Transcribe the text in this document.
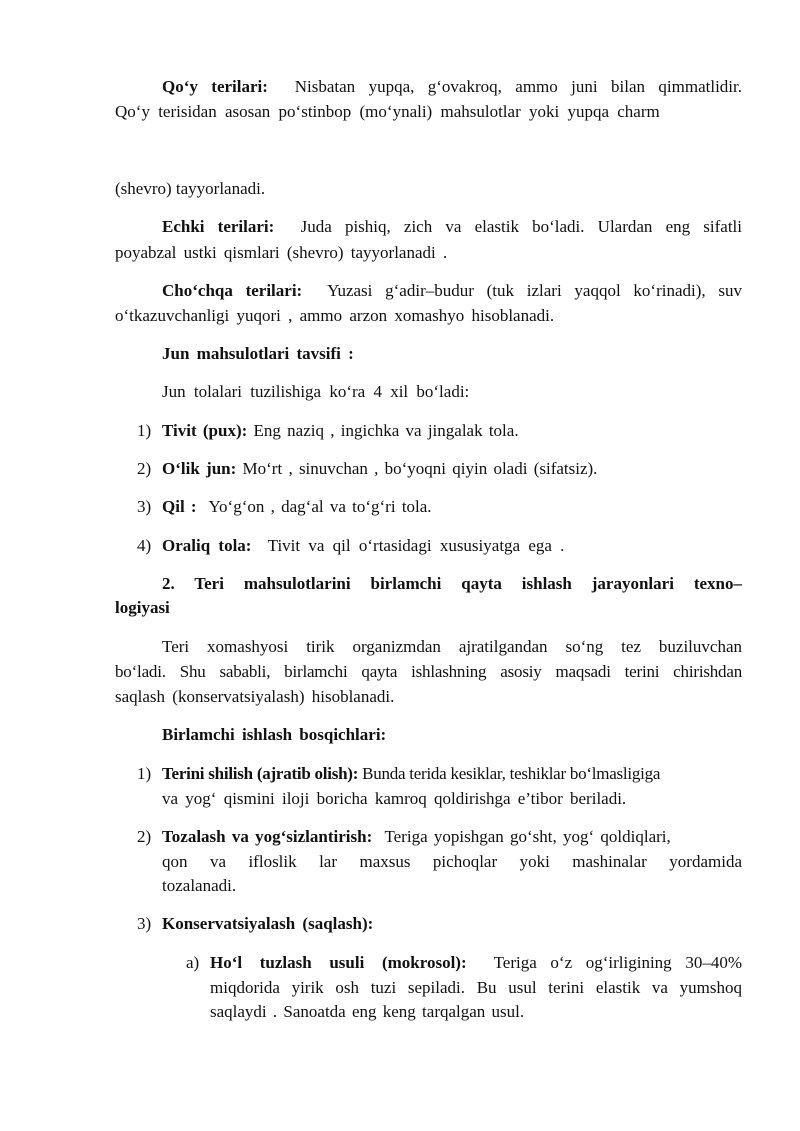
Qo‘y terilari: Nisbatan yupqa, g‘ovakroq, ammo juni bilan qimmatlidir.
Qo‘y terisidan asosan po‘stinbop (mo‘ynali) mahsulotlar yoki yupqa charm
(shevro) tayyorlanadi.
Echki terilari: Juda pishiq, zich va elastik bo‘ladi. Ulardan eng sifatli
poyabzal ustki qismlari (shevro) tayyorlanadi .
Cho‘chqa terilari: Yuzasi g‘adir–budur (tuk izlari yaqqol ko‘rinadi), suv
o‘tkazuvchanligi yuqori , ammo arzon xomashyo hisoblanadi.
Jun mahsulotlari tavsifi :
Jun tolalari tuzilishiga ko‘ra 4 xil bo‘ladi:
1) Tivit (pux): Eng naziq , ingichka va jingalak tola.
2) O‘lik jun: Mo‘rt , sinuvchan , bo‘yoqni qiyin oladi (sifatsiz).
3) Qil : Yo‘g‘on , dag‘al va to‘g‘ri tola.
4) Oraliq tola: Tivit va qil o‘rtasidagi xususiyatga ega .
2. Teri mahsulotlarini birlamchi qayta ishlash jarayonlari texno–
logiyasi
Teri xomashyosi tirik organizmdan ajratilgandan so‘ng tez buziluvchan
bo‘ladi. Shu sababli, birlamchi qayta ishlashning asosiy maqsadi terini chirishdan
saqlash (konservatsiyalash) hisoblanadi.
Birlamchi ishlash bosqichlari:
1) Terini shilish (ajratib olish): Bunda terida kesiklar, teshiklar bo‘lmasligiga
va yog‘ qismini iloji boricha kamroq qoldirishga e’tibor beriladi.
2) Tozalash va yog‘sizlantirish: Teriga yopishgan go‘sht, yog‘ qoldiqlari,
qon va ifloslik lar maxsus pichoqlar yoki mashinalar yordamida
tozalanadi.
3) Konservatsiyalash (saqlash):
a) Ho‘l tuzlash usuli (mokrosol): Teriga o‘z og‘irligining 30–40%
miqdorida yirik osh tuzi sepiladi. Bu usul terini elastik va yumshoq
saqlaydi . Sanoatda eng keng tarqalgan usul.
